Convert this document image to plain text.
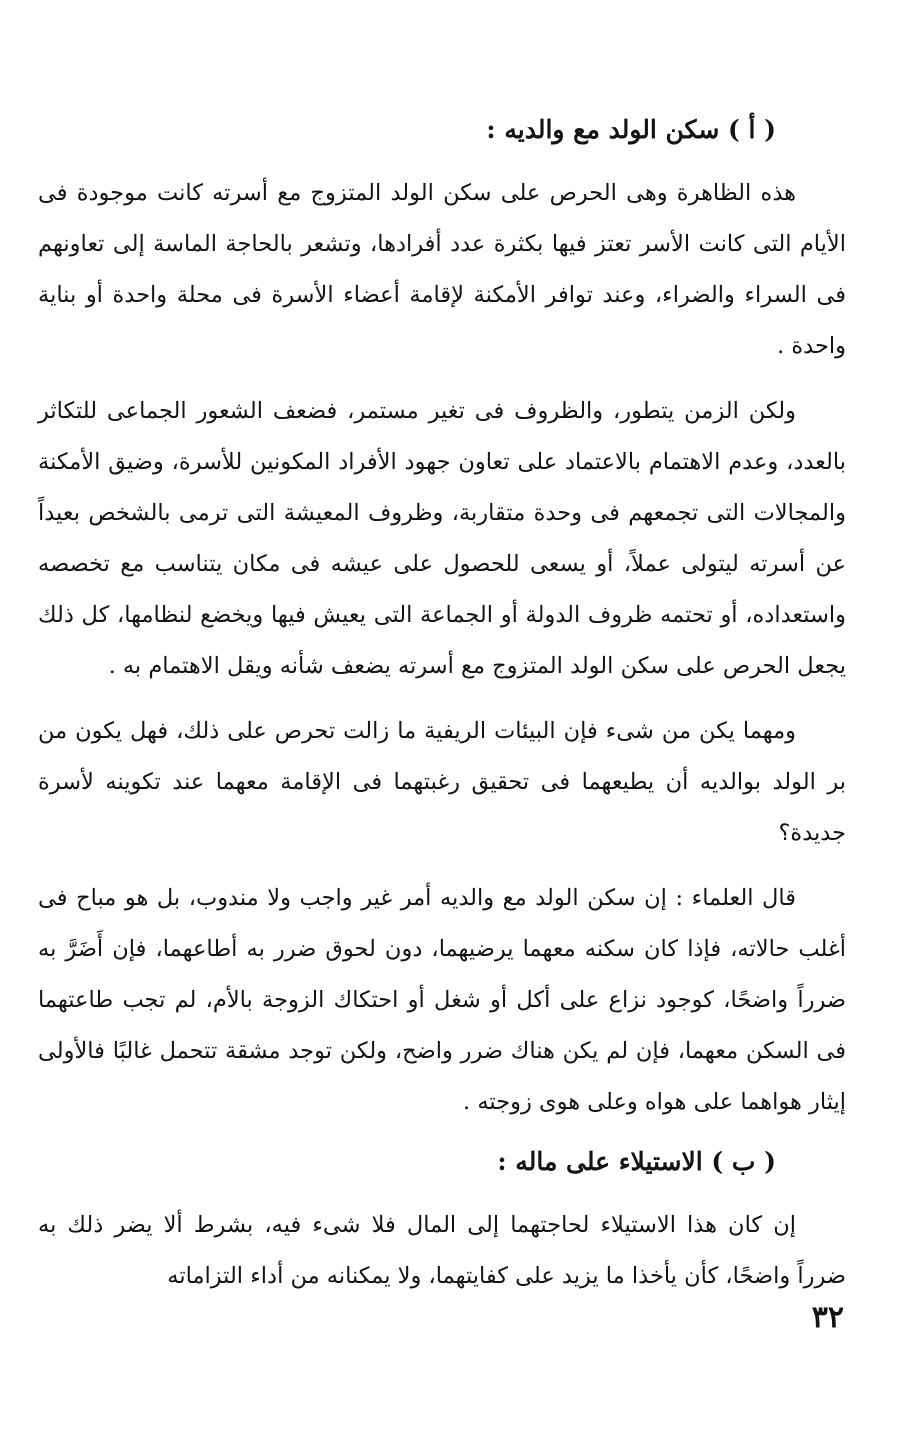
( أ ) سكن الولد مع والديه :

هذه الظاهرة وهى الحرص على سكن الولد المتزوج مع أسرته كانت موجودة فى الأيام التى كانت الأسر تعتز فيها بكثرة عدد أفرادها، وتشعر بالحاجة الماسة إلى تعاونهم فى السراء والضراء، وعند توافر الأمكنة لإقامة أعضاء الأسرة فى محلة واحدة أو بناية واحدة .

ولكن الزمن يتطور، والظروف فى تغير مستمر، فضعف الشعور الجماعى للتكاثر بالعدد، وعدم الاهتمام بالاعتماد على تعاون جهود الأفراد المكونين للأسرة، وضيق الأمكنة والمجالات التى تجمعهم فى وحدة متقاربة، وظروف المعيشة التى ترمى بالشخص بعيداً عن أسرته ليتولى عملاً، أو يسعى للحصول على عيشه فى مكان يتناسب مع تخصصه واستعداده، أو تحتمه ظروف الدولة أو الجماعة التى يعيش فيها ويخضع لنظامها، كل ذلك يجعل الحرص على سكن الولد المتزوج مع أسرته يضعف شأنه ويقل الاهتمام به .

ومهما يكن من شىء فإن البيئات الريفية ما زالت تحرص على ذلك، فهل يكون من بر الولد بوالديه أن يطيعهما فى تحقيق رغبتهما فى الإقامة معهما عند تكوينه لأسرة جديدة؟

قال العلماء : إن سكن الولد مع والديه أمر غير واجب ولا مندوب، بل هو مباح فى أغلب حالاته، فإذا كان سكنه معهما يرضيهما، دون لحوق ضرر به أطاعهما، فإن أَضَرَّ به ضرراً واضحًا، كوجود نزاع على أكل أو شغل أو احتكاك الزوجة بالأم، لم تجب طاعتهما فى السكن معهما، فإن لم يكن هناك ضرر واضح، ولكن توجد مشقة تتحمل غالبًا فالأولى إيثار هواهما على هواه وعلى هوى زوجته .

( ب ) الاستيلاء على ماله :

إن كان هذا الاستيلاء لحاجتهما إلى المال فلا شىء فيه، بشرط ألا يضر ذلك به ضرراً واضحًا، كأن يأخذا ما يزيد على كفايتهما، ولا يمكنانه من أداء التزاماته

٣٢
